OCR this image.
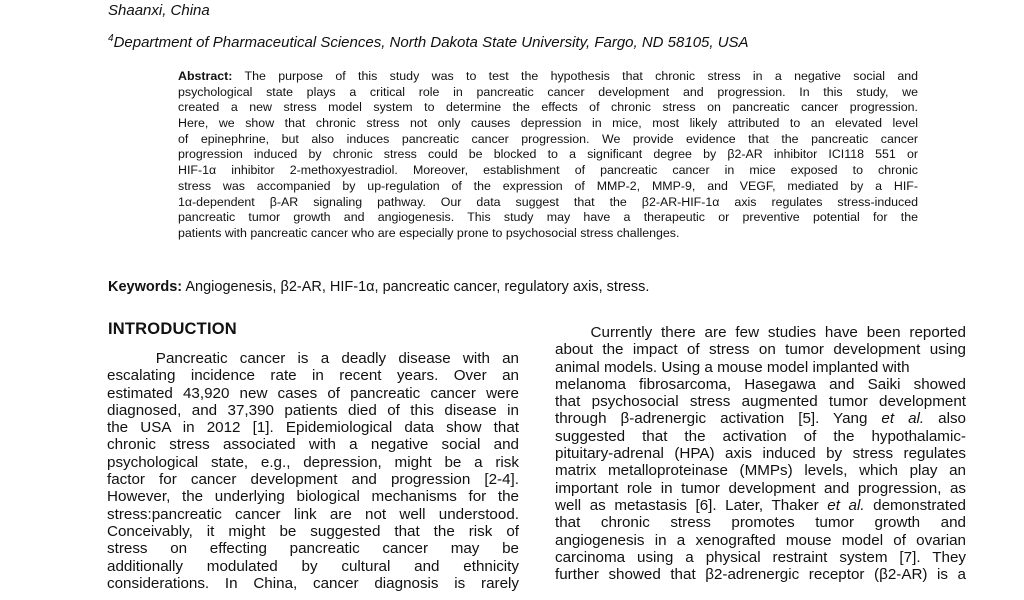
Shaanxi, China
$^4$Department of Pharmaceutical Sciences, North Dakota State University, Fargo, ND 58105, USA
Abstract: The purpose of this study was to test the hypothesis that chronic stress in a negative social and
psychological state plays a critical role in pancreatic cancer development and progression. In this study, we
created a new stress model system to determine the effects of chronic stress on pancreatic cancer progression.
Here, we show that chronic stress not only causes depression in mice, most likely attributed to an elevated level
of epinephrine, but also induces pancreatic cancer progression. We provide evidence that the pancreatic cancer
progression induced by chronic stress could be blocked to a significant degree by β2-AR inhibitor ICI118 551 or
HIF-1α inhibitor 2-methoxyestradiol. Moreover, establishment of pancreatic cancer in mice exposed to chronic
stress was accompanied by up-regulation of the expression of MMP-2, MMP-9, and VEGF, mediated by a HIF-
1α-dependent β-AR signaling pathway. Our data suggest that the β2-AR-HIF-1α axis regulates stress-induced
pancreatic tumor growth and angiogenesis. This study may have a therapeutic or preventive potential for the
patients with pancreatic cancer who are especially prone to psychosocial stress challenges.
Keywords: Angiogenesis, β2-AR, HIF-1α, pancreatic cancer, regulatory axis, stress.
INTRODUCTION
Pancreatic cancer is a deadly disease with an
escalating incidence rate in recent years. Over an
estimated 43,920 new cases of pancreatic cancer were
diagnosed, and 37,390 patients died of this disease in
the USA in 2012 [1]. Epidemiological data show that
chronic stress associated with a negative social and
psychological state, e.g., depression, might be a risk
factor for cancer development and progression [2-4].
However, the underlying biological mechanisms for the
stress:pancreatic cancer link are not well understood.
Conceivably, it might be suggested that the risk of
stress on effecting pancreatic cancer may be
additionally modulated by cultural and ethnicity
considerations. In China, cancer diagnosis is rarely
Currently there are few studies have been reported
about the impact of stress on tumor development using
animal models. Using a mouse model implanted with
melanoma fibrosarcoma, Hasegawa and Saiki showed
that psychosocial stress augmented tumor development
through β-adrenergic activation [5]. Yang et al. also
suggested that the activation of the hypothalamic-
pituitary-adrenal (HPA) axis induced by stress regulates
matrix metalloproteinase (MMPs) levels, which play an
important role in tumor development and progression, as
well as metastasis [6]. Later, Thaker et al. demonstrated
that chronic stress promotes tumor growth and
angiogenesis in a xenografted mouse model of ovarian
carcinoma using a physical restraint system [7]. They
further showed that β2-adrenergic receptor (β2-AR) is a
